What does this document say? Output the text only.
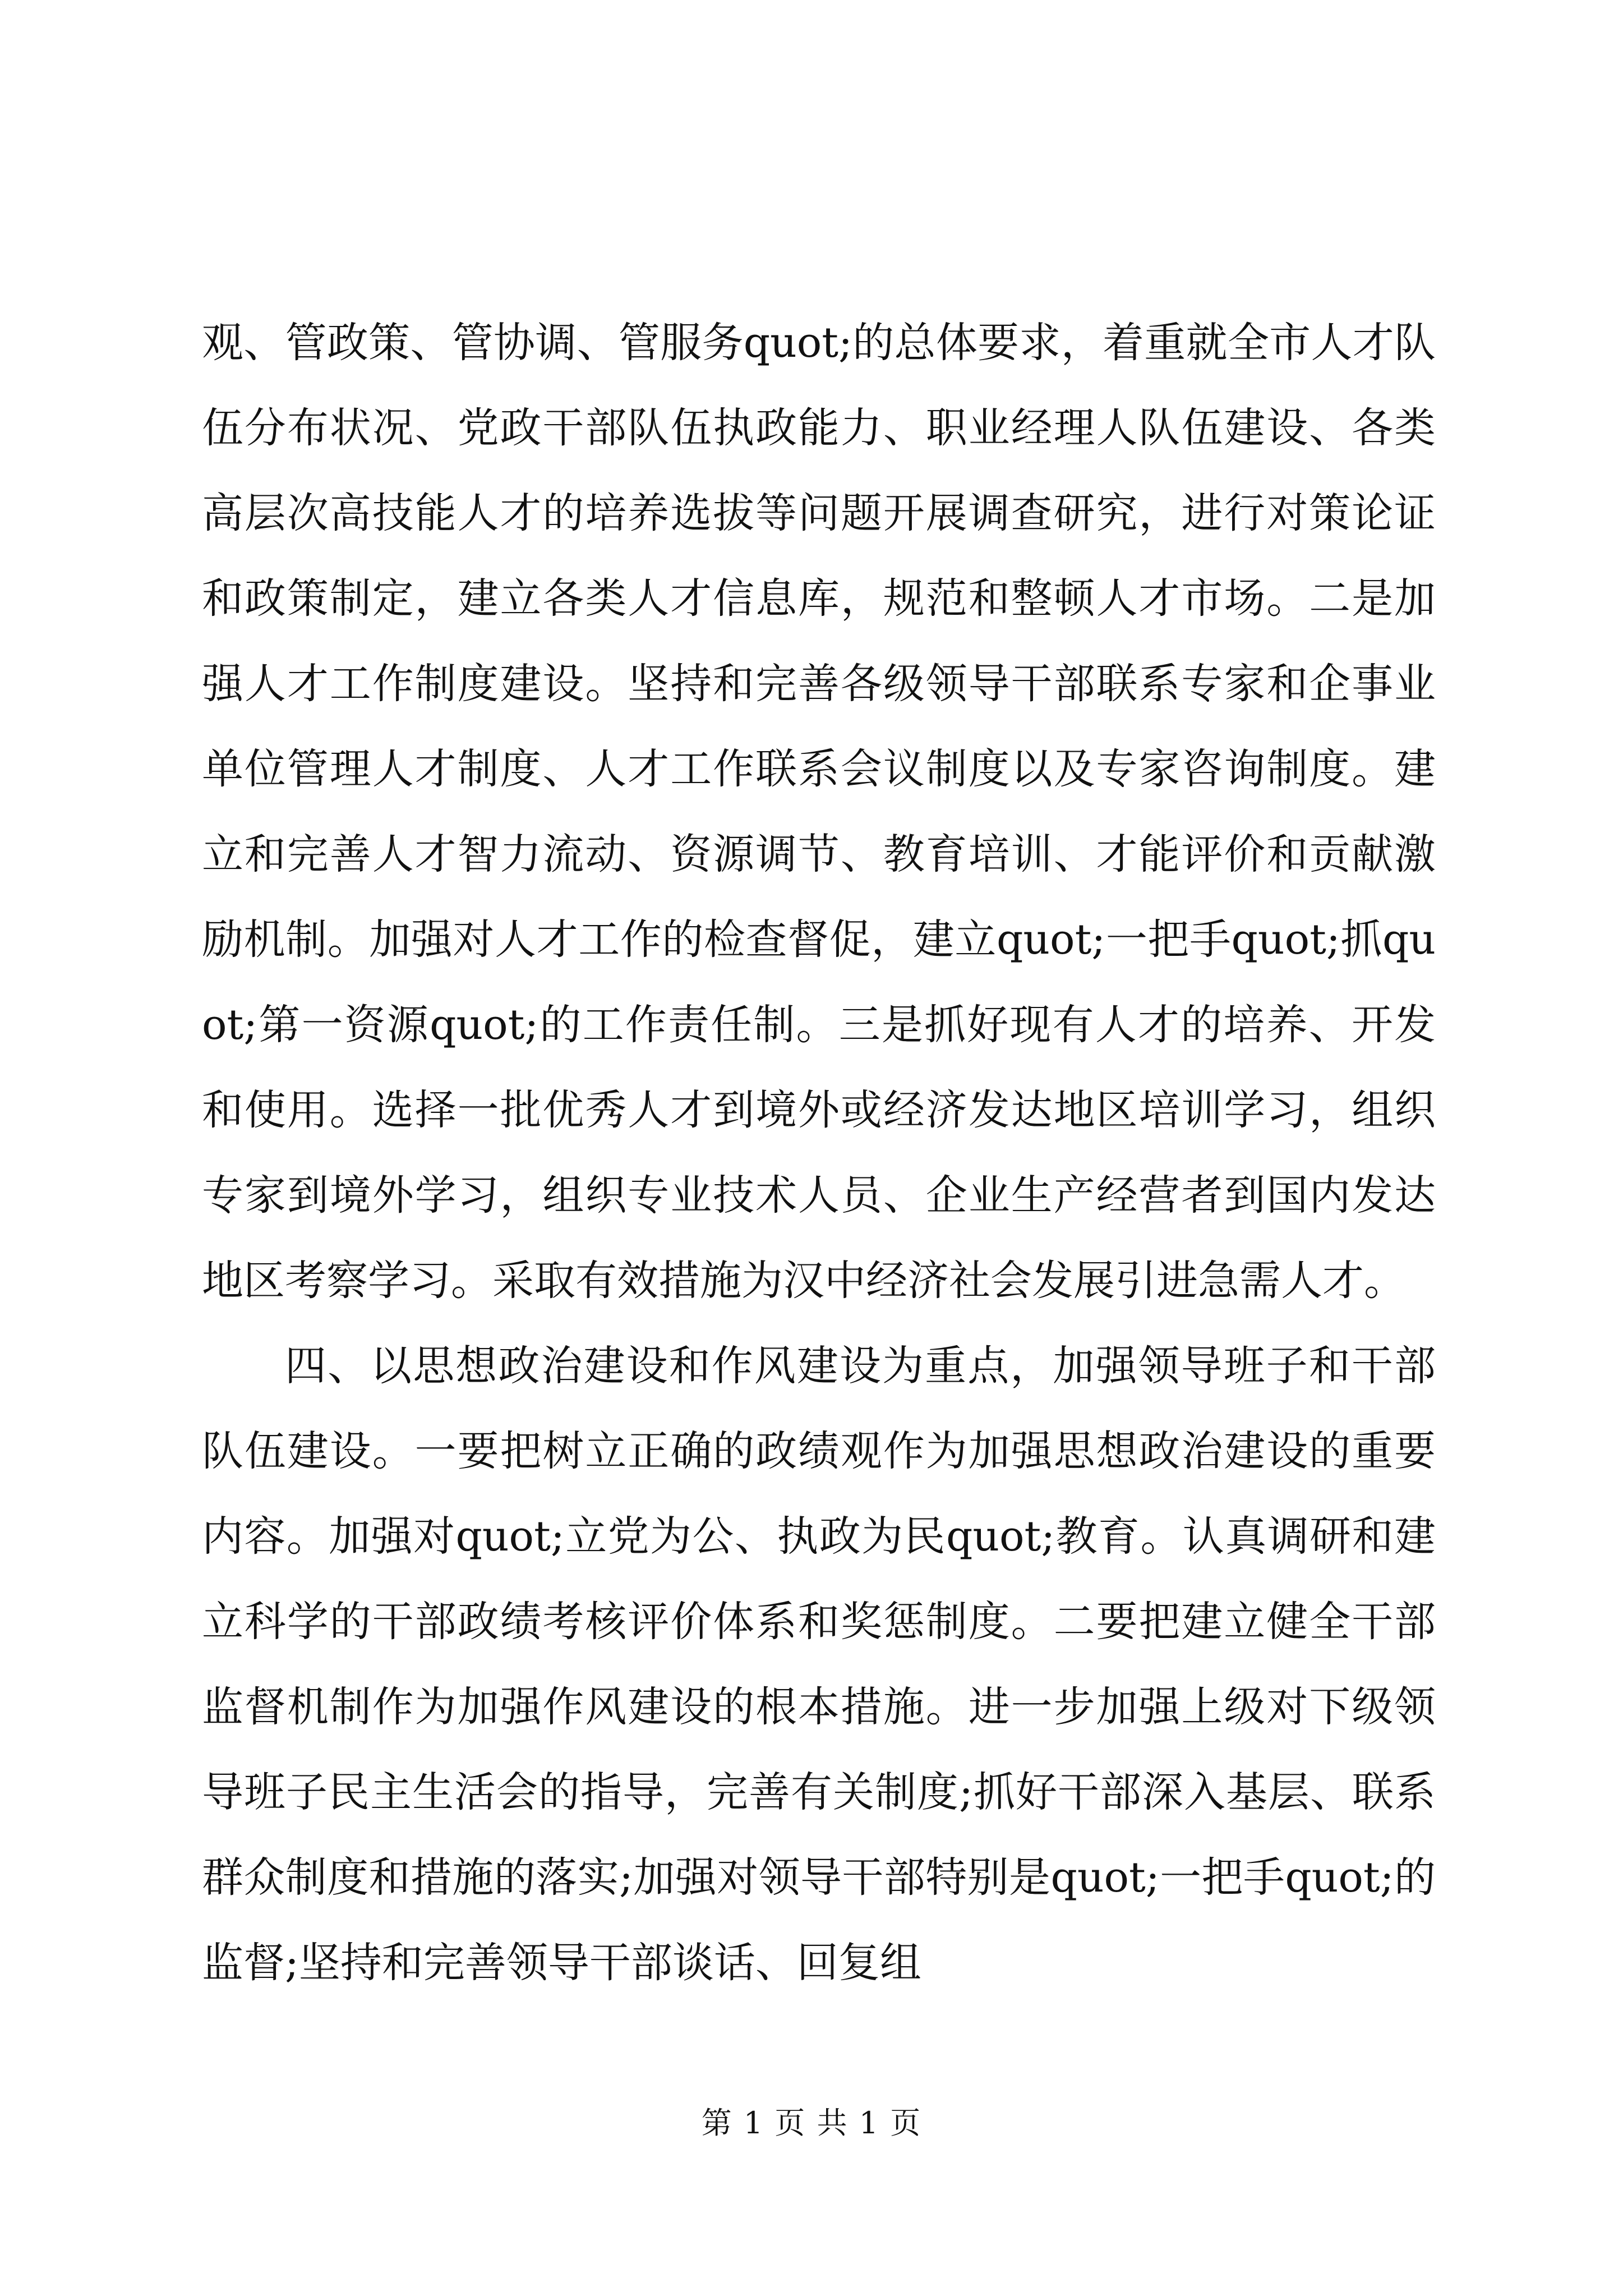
观、管政策、管协调、管服务quot;的总体要求，着重就全市人才队伍分布状况、党政干部队伍执政能力、职业经理人队伍建设、各类高层次高技能人才的培养选拔等问题开展调查研究，进行对策论证和政策制定，建立各类人才信息库，规范和整顿人才市场。二是加强人才工作制度建设。坚持和完善各级领导干部联系专家和企事业单位管理人才制度、人才工作联系会议制度以及专家咨询制度。建立和完善人才智力流动、资源调节、教育培训、才能评价和贡献激励机制。加强对人才工作的检查督促，建立quot;一把手quot;抓quot;第一资源quot;的工作责任制。三是抓好现有人才的培养、开发和使用。选择一批优秀人才到境外或经济发达地区培训学习，组织专家到境外学习，组织专业技术人员、企业生产经营者到国内发达地区考察学习。采取有效措施为汉中经济社会发展引进急需人才。

四、以思想政治建设和作风建设为重点，加强领导班子和干部队伍建设。一要把树立正确的政绩观作为加强思想政治建设的重要内容。加强对quot;立党为公、执政为民quot;教育。认真调研和建立科学的干部政绩考核评价体系和奖惩制度。二要把建立健全干部监督机制作为加强作风建设的根本措施。进一步加强上级对下级领导班子民主生活会的指导，完善有关制度;抓好干部深入基层、联系群众制度和措施的落实;加强对领导干部特别是quot;一把手quot;的监督;坚持和完善领导干部谈话、回复组

第 1 页 共 1 页
